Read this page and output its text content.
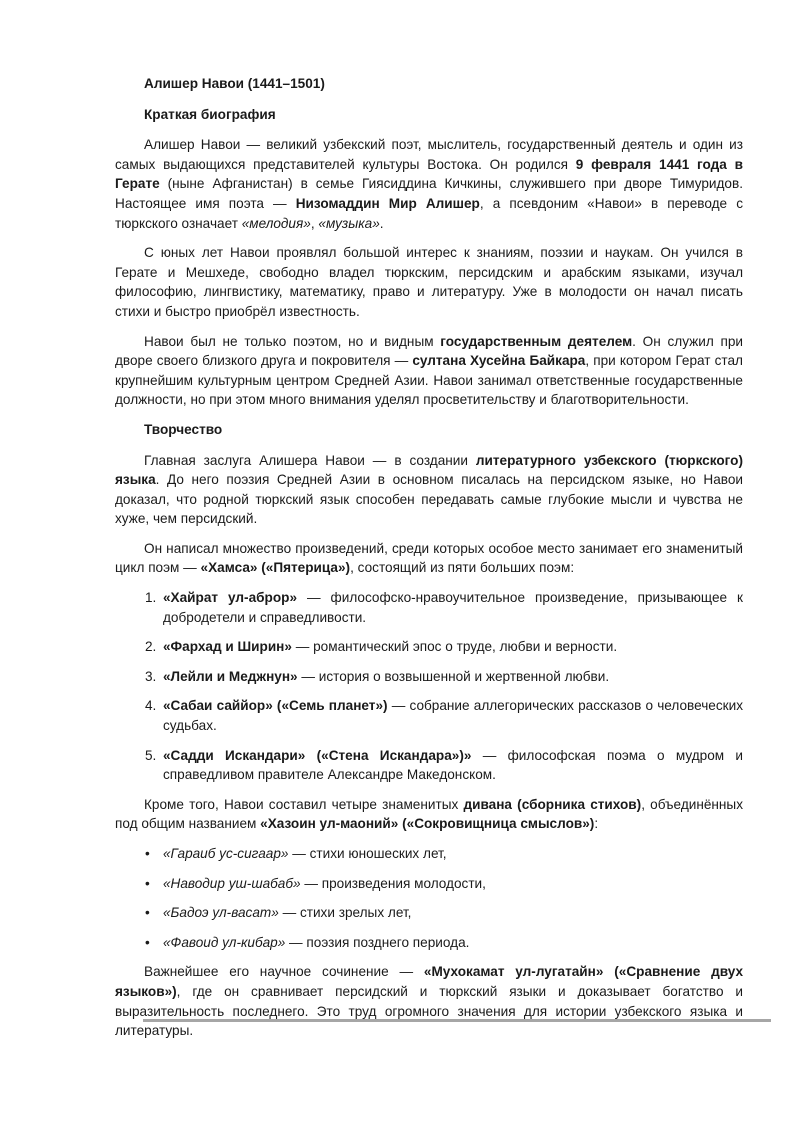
Алишер Навои (1441–1501)

Краткая биография

Алишер Навои — великий узбекский поэт, мыслитель, государственный деятель и один из самых выдающихся представителей культуры Востока. Он родился 9 февраля 1441 года в Герате (ныне Афганистан) в семье Гиясиддина Кичкины, служившего при дворе Тимуридов. Настоящее имя поэта — Низомаддин Мир Алишер, а псевдоним «Навои» в переводе с тюркского означает «мелодия», «музыка».

С юных лет Навои проявлял большой интерес к знаниям, поэзии и наукам. Он учился в Герате и Мешхеде, свободно владел тюркским, персидским и арабским языками, изучал философию, лингвистику, математику, право и литературу. Уже в молодости он начал писать стихи и быстро приобрёл известность.

Навои был не только поэтом, но и видным государственным деятелем. Он служил при дворе своего близкого друга и покровителя — султана Хусейна Байкара, при котором Герат стал крупнейшим культурным центром Средней Азии. Навои занимал ответственные государственные должности, но при этом много внимания уделял просветительству и благотворительности.

Творчество

Главная заслуга Алишера Навои — в создании литературного узбекского (тюркского) языка. До него поэзия Средней Азии в основном писалась на персидском языке, но Навои доказал, что родной тюркский язык способен передавать самые глубокие мысли и чувства не хуже, чем персидский.

Он написал множество произведений, среди которых особое место занимает его знаменитый цикл поэм — «Хамса» («Пятерица»), состоящий из пяти больших поэм:

1. «Хайрат ул-аброр» — философско-нравоучительное произведение, призывающее к добродетели и справедливости.
2. «Фархад и Ширин» — романтический эпос о труде, любви и верности.
3. «Лейли и Меджнун» — история о возвышенной и жертвенной любви.
4. «Сабаи саййор» («Семь планет») — собрание аллегорических рассказов о человеческих судьбах.
5. «Садди Искандари» («Стена Искандара»)» — философская поэма о мудром и справедливом правителе Александре Македонском.

Кроме того, Навои составил четыре знаменитых дивана (сборника стихов), объединённых под общим названием «Хазоин ул-маоний» («Сокровищница смыслов»):

• «Гараиб ус-сигаар» — стихи юношеских лет,
• «Наводир уш-шабаб» — произведения молодости,
• «Бадоэ ул-васат» — стихи зрелых лет,
• «Фавоид ул-кибар» — поэзия позднего периода.

Важнейшее его научное сочинение — «Мухокамат ул-лугатайн» («Сравнение двух языков»), где он сравнивает персидский и тюркский языки и доказывает богатство и выразительность последнего. Это труд огромного значения для истории узбекского языка и литературы.
